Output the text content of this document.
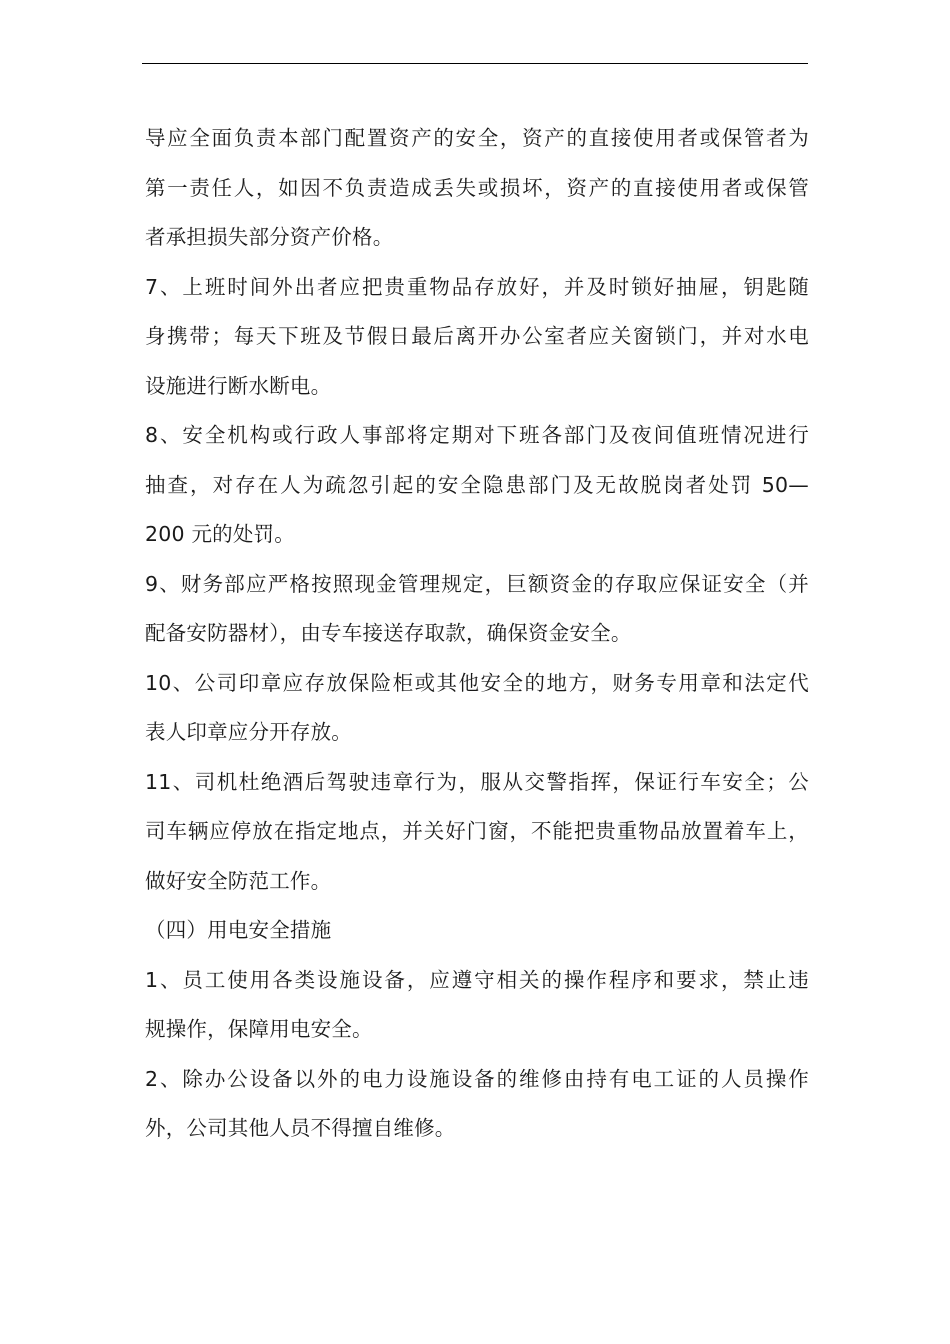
导应全面负责本部门配置资产的安全，资产的直接使用者或保管者为
第一责任人，如因不负责造成丢失或损坏，资产的直接使用者或保管
者承担损失部分资产价格。
7、上班时间外出者应把贵重物品存放好，并及时锁好抽屉，钥匙随
身携带；每天下班及节假日最后离开办公室者应关窗锁门，并对水电
设施进行断水断电。
8、安全机构或行政人事部将定期对下班各部门及夜间值班情况进行
抽查，对存在人为疏忽引起的安全隐患部门及无故脱岗者处罚 50—
200 元的处罚。
9、财务部应严格按照现金管理规定，巨额资金的存取应保证安全（并
配备安防器材），由专车接送存取款，确保资金安全。
10、公司印章应存放保险柜或其他安全的地方，财务专用章和法定代
表人印章应分开存放。
11、司机杜绝酒后驾驶违章行为，服从交警指挥，保证行车安全；公
司车辆应停放在指定地点，并关好门窗，不能把贵重物品放置着车上，
做好安全防范工作。
（四）用电安全措施
1、员工使用各类设施设备，应遵守相关的操作程序和要求，禁止违
规操作，保障用电安全。
2、除办公设备以外的电力设施设备的维修由持有电工证的人员操作
外，公司其他人员不得擅自维修。
